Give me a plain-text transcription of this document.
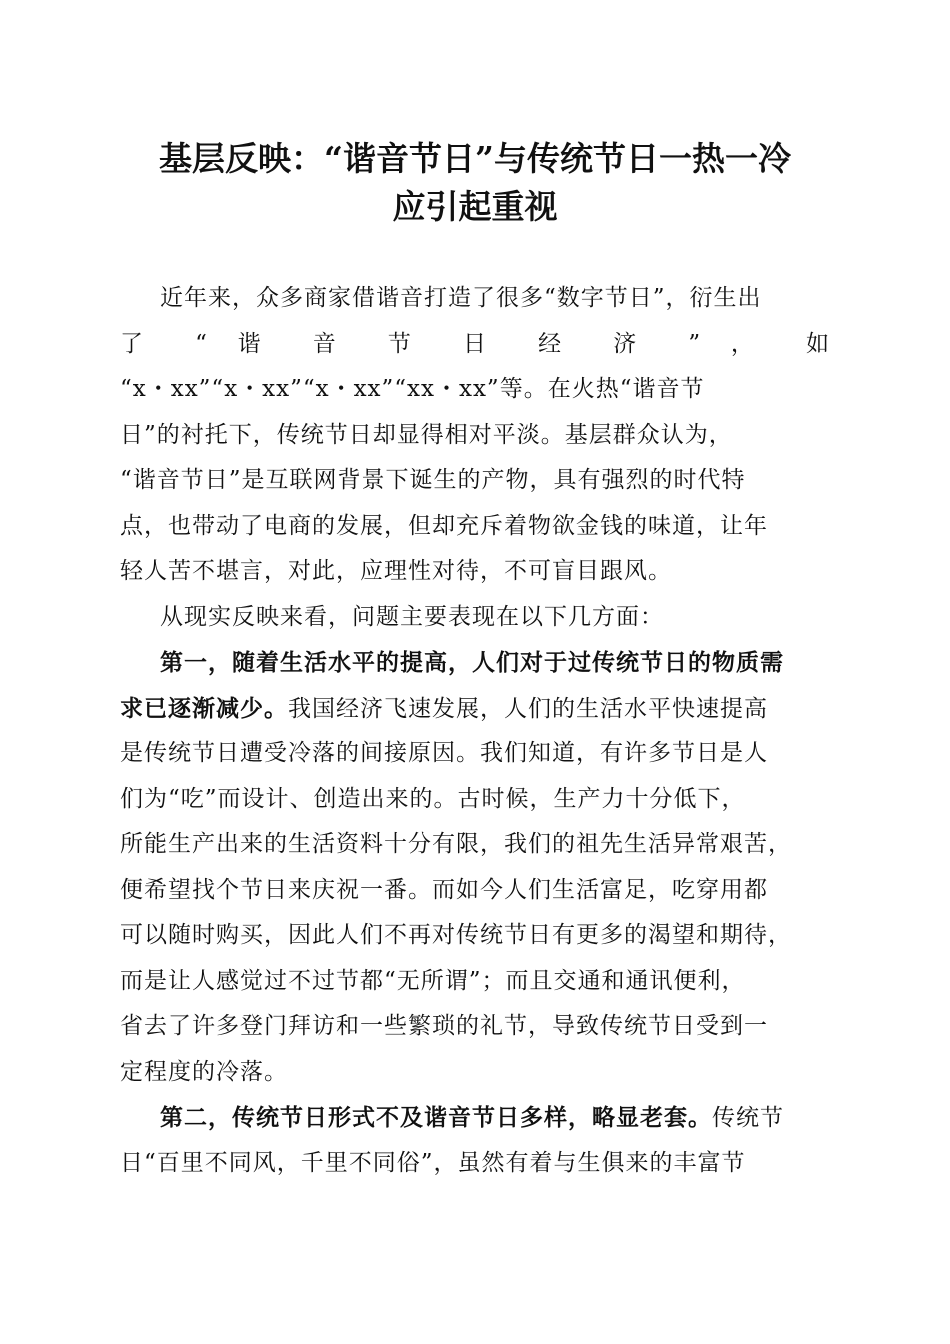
基层反映：“谐音节日”与传统节日一热一冷
应引起重视
近年来，众多商家借谐音打造了很多“数字节日”，衍生出
了 “ 谐 音 节 日 经 济 ” ， 如
“x・xx”“x・xx”“x・xx”“xx・xx”等。在火热“谐音节
日”的衬托下，传统节日却显得相对平淡。基层群众认为，
“谐音节日”是互联网背景下诞生的产物，具有强烈的时代特
点，也带动了电商的发展，但却充斥着物欲金钱的味道，让年
轻人苦不堪言，对此，应理性对待，不可盲目跟风。
从现实反映来看，问题主要表现在以下几方面：
第一，随着生活水平的提高，人们对于过传统节日的物质需
求已逐渐减少。我国经济飞速发展，人们的生活水平快速提高
是传统节日遭受冷落的间接原因。我们知道，有许多节日是人
们为“吃”而设计、创造出来的。古时候，生产力十分低下，
所能生产出来的生活资料十分有限，我们的祖先生活异常艰苦，
便希望找个节日来庆祝一番。而如今人们生活富足，吃穿用都
可以随时购买，因此人们不再对传统节日有更多的渴望和期待，
而是让人感觉过不过节都“无所谓”；而且交通和通讯便利，
省去了许多登门拜访和一些繁琐的礼节，导致传统节日受到一
定程度的冷落。
第二，传统节日形式不及谐音节日多样，略显老套。传统节
日“百里不同风，千里不同俗”，虽然有着与生俱来的丰富节
